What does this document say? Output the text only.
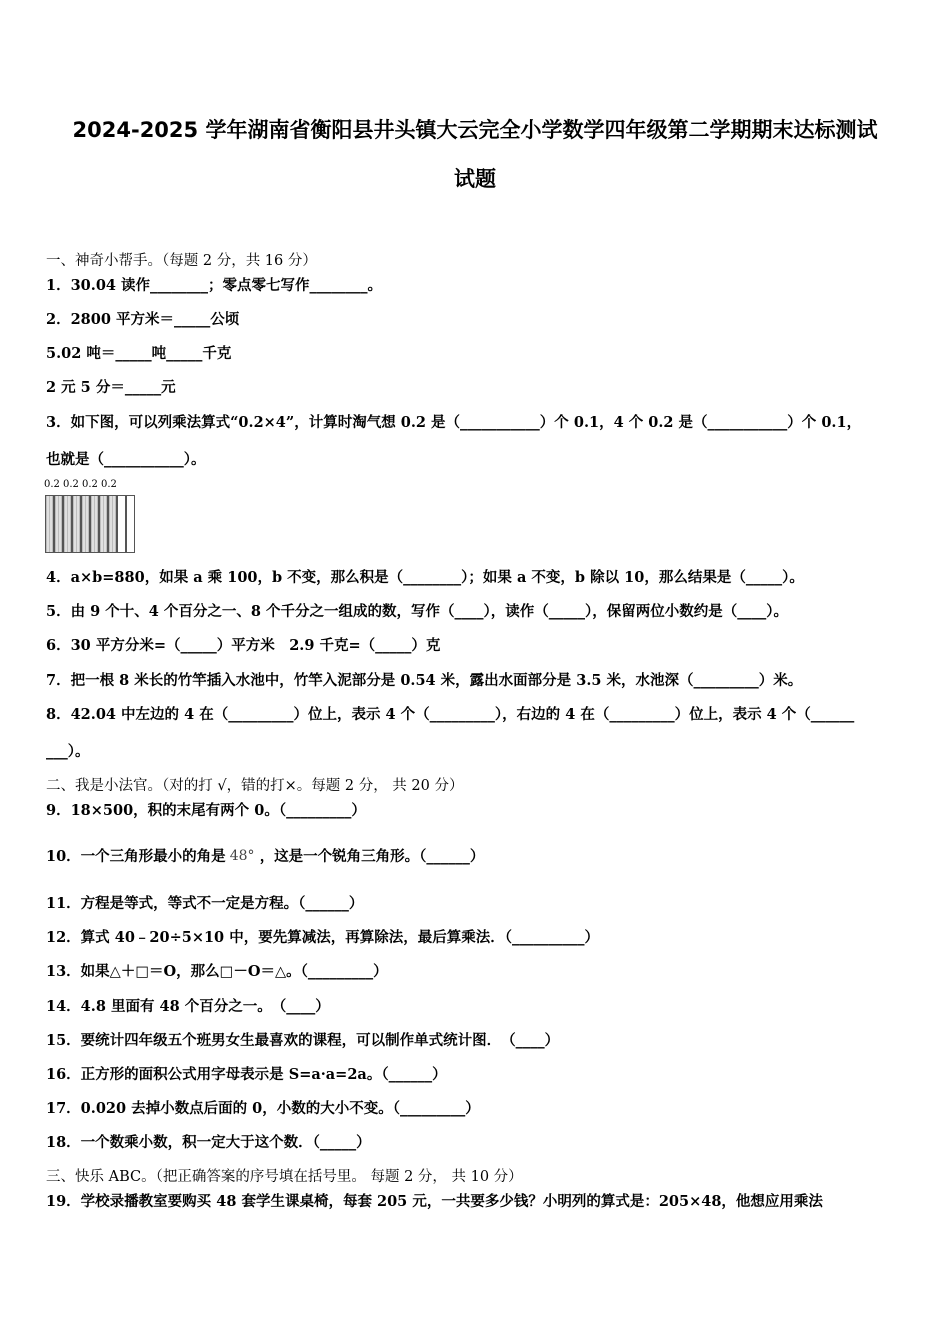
2024-2025 学年湖南省衡阳县井头镇大云完全小学数学四年级第二学期期末达标测试
试题
一、神奇小帮手。（每题 2 分，共 16 分）
1．30.04 读作________；零点零七写作________。
2．2800 平方米＝_____公顷
5.02 吨＝_____吨_____千克
2 元 5 分＝_____元
3．如下图，可以列乘法算式“0.2×4”，计算时淘气想 0.2 是（___________）个 0.1，4 个 0.2 是（___________）个 0.1，
也就是（___________）。
0.2 0.2 0.2 0.2
4．a×b=880，如果 a 乘 100，b 不变，那么积是（________）；如果 a 不变，b 除以 10，那么结果是（_____）。
5．由 9 个十、4 个百分之一、8 个千分之一组成的数，写作（____），读作（_____），保留两位小数约是（____）。
6．30 平方分米=（_____）平方米　2.9 千克=（_____）克
7．把一根 8 米长的竹竿插入水池中，竹竿入泥部分是 0.54 米，露出水面部分是 3.5 米，水池深（_________）米。
8．42.04 中左边的 4 在（_________）位上，表示 4 个（_________），右边的 4 在（_________）位上，表示 4 个（______
___）。
二、我是小法官。（对的打 √，错的打×。每题 2 分， 共 20 分）
9．18×500，积的末尾有两个 0。（_________）
10．一个三角形最小的角是 48° ，这是一个锐角三角形。（______）
11．方程是等式，等式不一定是方程。（______）
12．算式 40﹣20÷5×10 中，要先算减法，再算除法，最后算乘法．（__________）
13．如果△＋□＝O，那么□－O＝△。（_________）
14．4.8 里面有 48 个百分之一。　（____）
15．要统计四年级五个班男女生最喜欢的课程，可以制作单式统计图．　（____）
16．正方形的面积公式用字母表示是 S=a·a=2a。（______）
17．0.020 去掉小数点后面的 0，小数的大小不变。（_________）
18．一个数乘小数，积一定大于这个数．（_____）
三、快乐 ABC。（把正确答案的序号填在括号里。 每题 2 分， 共 10 分）
19．学校录播教室要购买 48 套学生课桌椅，每套 205 元，一共要多少钱？小明列的算式是：205×48，他想应用乘法
